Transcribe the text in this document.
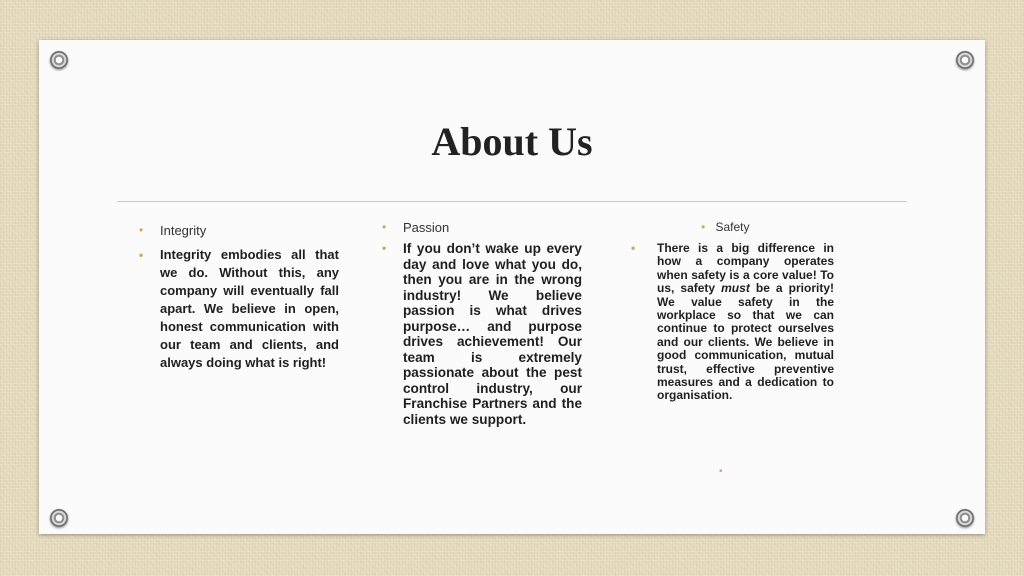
About Us
• Integrity
• Integrity embodies all that we do. Without this, any company will eventually fall apart. We believe in open, honest communication with our team and clients, and always doing what is right!
• Passion
• If you don’t wake up every day and love what you do, then you are in the wrong industry! We believe passion is what drives purpose… and purpose drives achievement! Our team is extremely passionate about the pest control industry, our Franchise Partners and the clients we support.
• Safety
• There is a big difference in how a company operates when safety is a core value! To us, safety must be a priority! We value safety in the workplace so that we can continue to protect ourselves and our clients. We believe in good communication, mutual trust, effective preventive measures and a dedication to organisation.
•
